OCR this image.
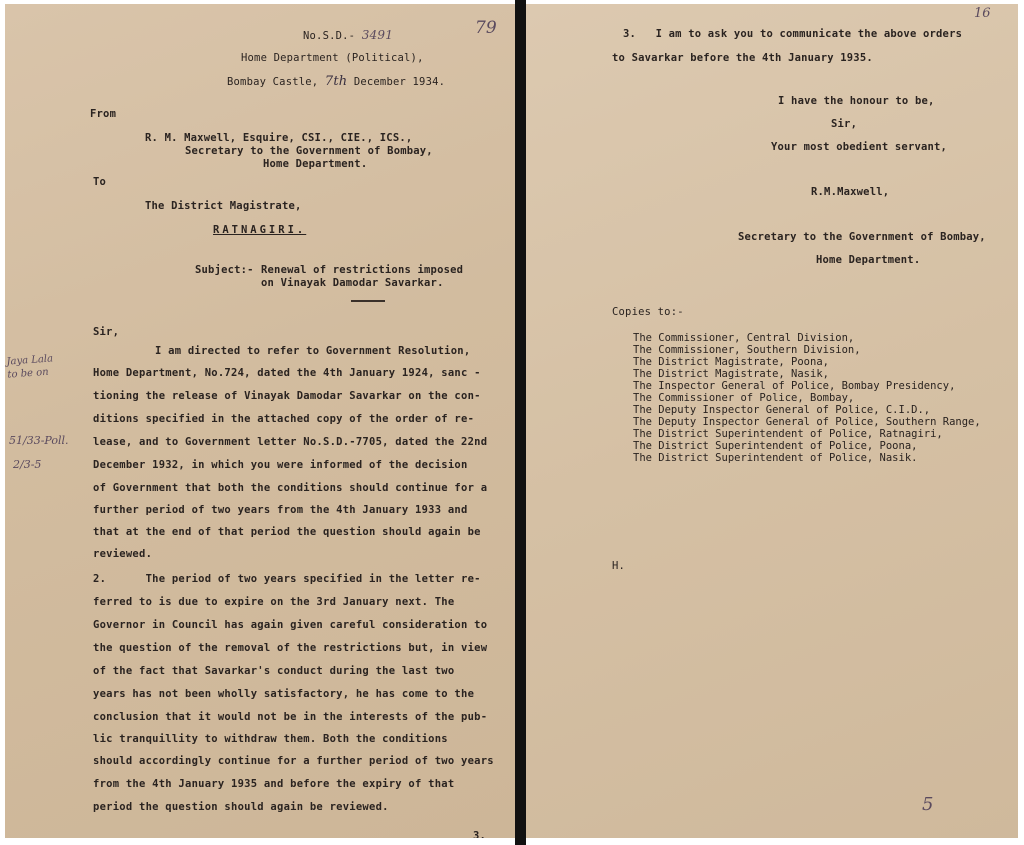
No.S.D.- 3491	79
Home Department (Political),
Bombay Castle, 7th December 1934.
From
R. M. Maxwell, Esquire, CSI., CIE., ICS.,
Secretary to the Government of Bombay,
Home Department.
To
The District Magistrate,
RATNAGIRI.
Subject:- Renewal of restrictions imposed
on Vinayak Damodar Savarkar.
Sir,
I am directed to refer to Government Resolution,
Home Department, No.724, dated the 4th January 1924, sanc -
tioning the release of Vinayak Damodar Savarkar on the con-
ditions specified in the attached copy of the order of re-
lease, and to Government letter No.S.D.-7705, dated the 22nd
December 1932, in which you were informed of the decision
of Government that both the conditions should continue for a
further period of two years from the 4th January 1933 and
that at the end of that period the question should again be
reviewed.
2.      The period of two years specified in the letter re-
ferred to is due to expire on the 3rd January next. The
Governor in Council has again given careful consideration to
the question of the removal of the restrictions but, in view
of the fact that Savarkar's conduct during the last two
years has not been wholly satisfactory, he has come to the
conclusion that it would not be in the interests of the pub-
lic tranquillity to withdraw them. Both the conditions
should accordingly continue for a further period of two years
from the 4th January 1935 and before the expiry of that
period the question should again be reviewed.
Jaya Lala
to be on
51/33-Poll.
2/3-5
3.
16
3.   I am to ask you to communicate the above orders
to Savarkar before the 4th January 1935.
I have the honour to be,
Sir,
Your most obedient servant,
R.M.Maxwell,
Secretary to the Government of Bombay,
Home Department.
Copies to:-
The Commissioner, Central Division,
The Commissioner, Southern Division,
The District Magistrate, Poona,
The District Magistrate, Nasik,
The Inspector General of Police, Bombay Presidency,
The Commissioner of Police, Bombay,
The Deputy Inspector General of Police, C.I.D.,
The Deputy Inspector General of Police, Southern Range,
The District Superintendent of Police, Ratnagiri,
The District Superintendent of Police, Poona,
The District Superintendent of Police, Nasik.
H.
5
